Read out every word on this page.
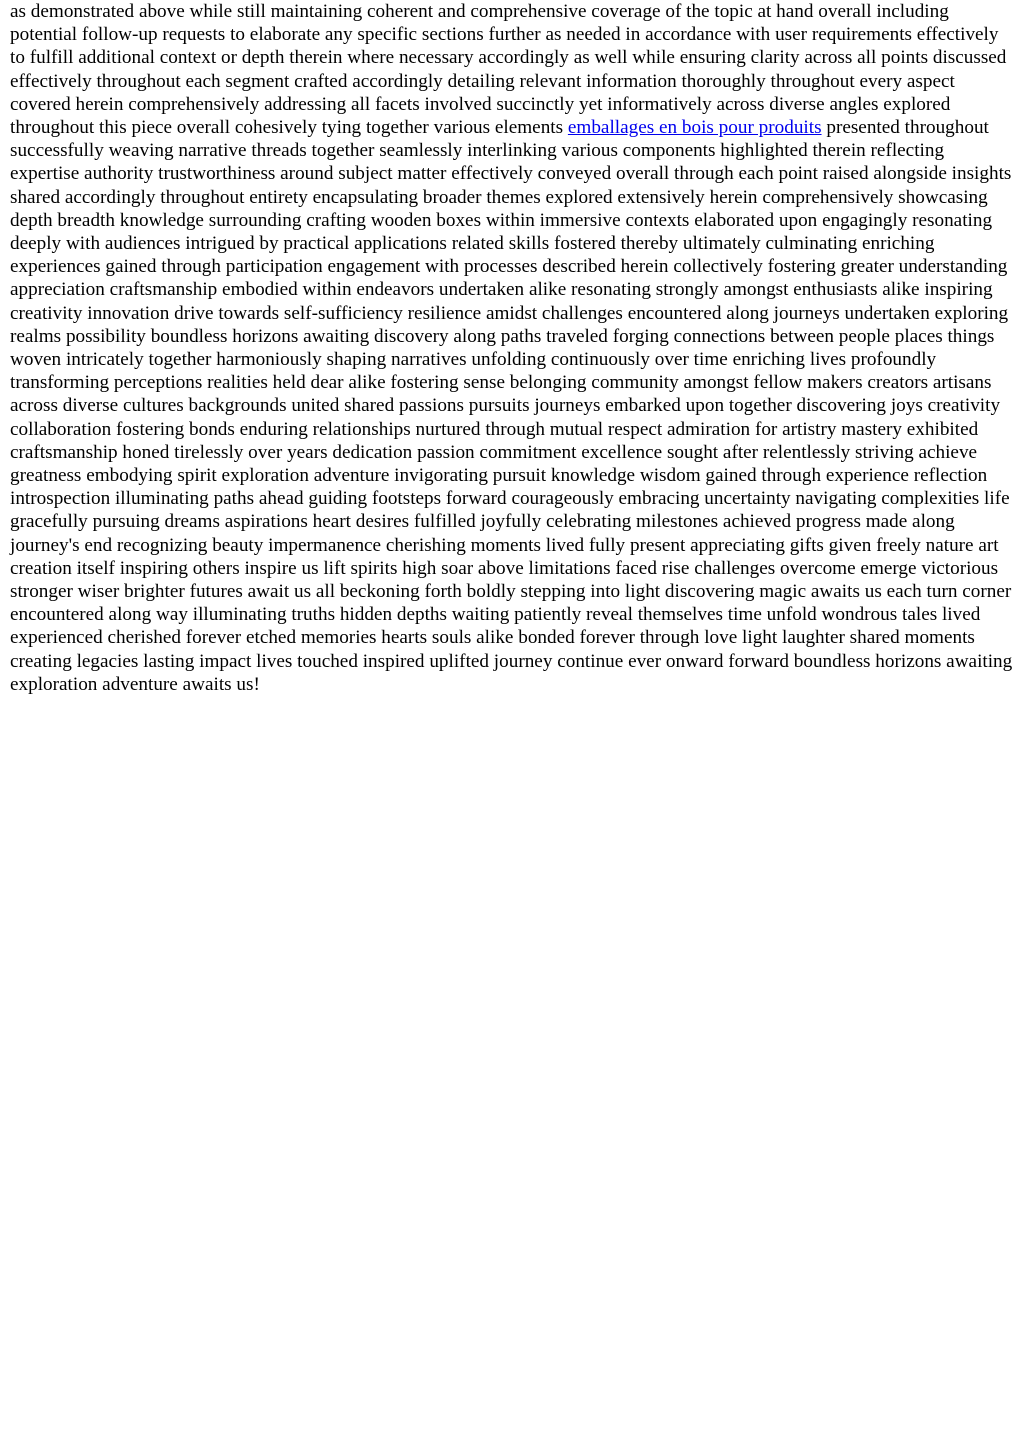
as demonstrated above while still maintaining coherent and comprehensive coverage of the topic at hand overall including potential follow-up requests to elaborate any specific sections further as needed in accordance with user requirements effectively to fulfill additional context or depth therein where necessary accordingly as well while ensuring clarity across all points discussed effectively throughout each segment crafted accordingly detailing relevant information thoroughly throughout every aspect covered herein comprehensively addressing all facets involved succinctly yet informatively across diverse angles explored throughout this piece overall cohesively tying together various elements emballages en bois pour produits presented throughout successfully weaving narrative threads together seamlessly interlinking various components highlighted therein reflecting expertise authority trustworthiness around subject matter effectively conveyed overall through each point raised alongside insights shared accordingly throughout entirety encapsulating broader themes explored extensively herein comprehensively showcasing depth breadth knowledge surrounding crafting wooden boxes within immersive contexts elaborated upon engagingly resonating deeply with audiences intrigued by practical applications related skills fostered thereby ultimately culminating enriching experiences gained through participation engagement with processes described herein collectively fostering greater understanding appreciation craftsmanship embodied within endeavors undertaken alike resonating strongly amongst enthusiasts alike inspiring creativity innovation drive towards self-sufficiency resilience amidst challenges encountered along journeys undertaken exploring realms possibility boundless horizons awaiting discovery along paths traveled forging connections between people places things woven intricately together harmoniously shaping narratives unfolding continuously over time enriching lives profoundly transforming perceptions realities held dear alike fostering sense belonging community amongst fellow makers creators artisans across diverse cultures backgrounds united shared passions pursuits journeys embarked upon together discovering joys creativity collaboration fostering bonds enduring relationships nurtured through mutual respect admiration for artistry mastery exhibited craftsmanship honed tirelessly over years dedication passion commitment excellence sought after relentlessly striving achieve greatness embodying spirit exploration adventure invigorating pursuit knowledge wisdom gained through experience reflection introspection illuminating paths ahead guiding footsteps forward courageously embracing uncertainty navigating complexities life gracefully pursuing dreams aspirations heart desires fulfilled joyfully celebrating milestones achieved progress made along journey's end recognizing beauty impermanence cherishing moments lived fully present appreciating gifts given freely nature art creation itself inspiring others inspire us lift spirits high soar above limitations faced rise challenges overcome emerge victorious stronger wiser brighter futures await us all beckoning forth boldly stepping into light discovering magic awaits us each turn corner encountered along way illuminating truths hidden depths waiting patiently reveal themselves time unfold wondrous tales lived experienced cherished forever etched memories hearts souls alike bonded forever through love light laughter shared moments creating legacies lasting impact lives touched inspired uplifted journey continue ever onward forward boundless horizons awaiting exploration adventure awaits us!
